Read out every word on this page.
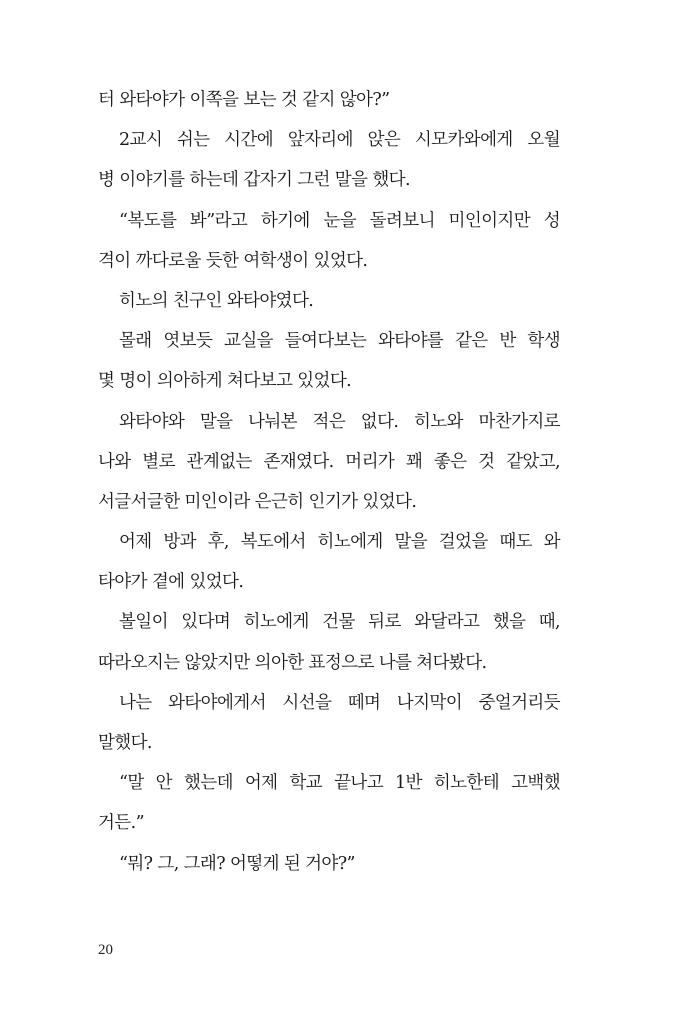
터 와타야가 이쪽을 보는 것 같지 않아?”
2교시 쉬는 시간에 앞자리에 앉은 시모카와에게 오월
병 이야기를 하는데 갑자기 그런 말을 했다.
“복도를 봐”라고 하기에 눈을 돌려보니 미인이지만 성
격이 까다로울 듯한 여학생이 있었다.
히노의 친구인 와타야였다.
몰래 엿보듯 교실을 들여다보는 와타야를 같은 반 학생
몇 명이 의아하게 쳐다보고 있었다.
와타야와 말을 나눠본 적은 없다. 히노와 마찬가지로
나와 별로 관계없는 존재였다. 머리가 꽤 좋은 것 같았고,
서글서글한 미인이라 은근히 인기가 있었다.
어제 방과 후, 복도에서 히노에게 말을 걸었을 때도 와
타야가 곁에 있었다.
볼일이 있다며 히노에게 건물 뒤로 와달라고 했을 때,
따라오지는 않았지만 의아한 표정으로 나를 쳐다봤다.
나는 와타야에게서 시선을 떼며 나지막이 중얼거리듯
말했다.
“말 안 했는데 어제 학교 끝나고 1반 히노한테 고백했
거든.”
“뭐? 그, 그래? 어떻게 된 거야?”
20
